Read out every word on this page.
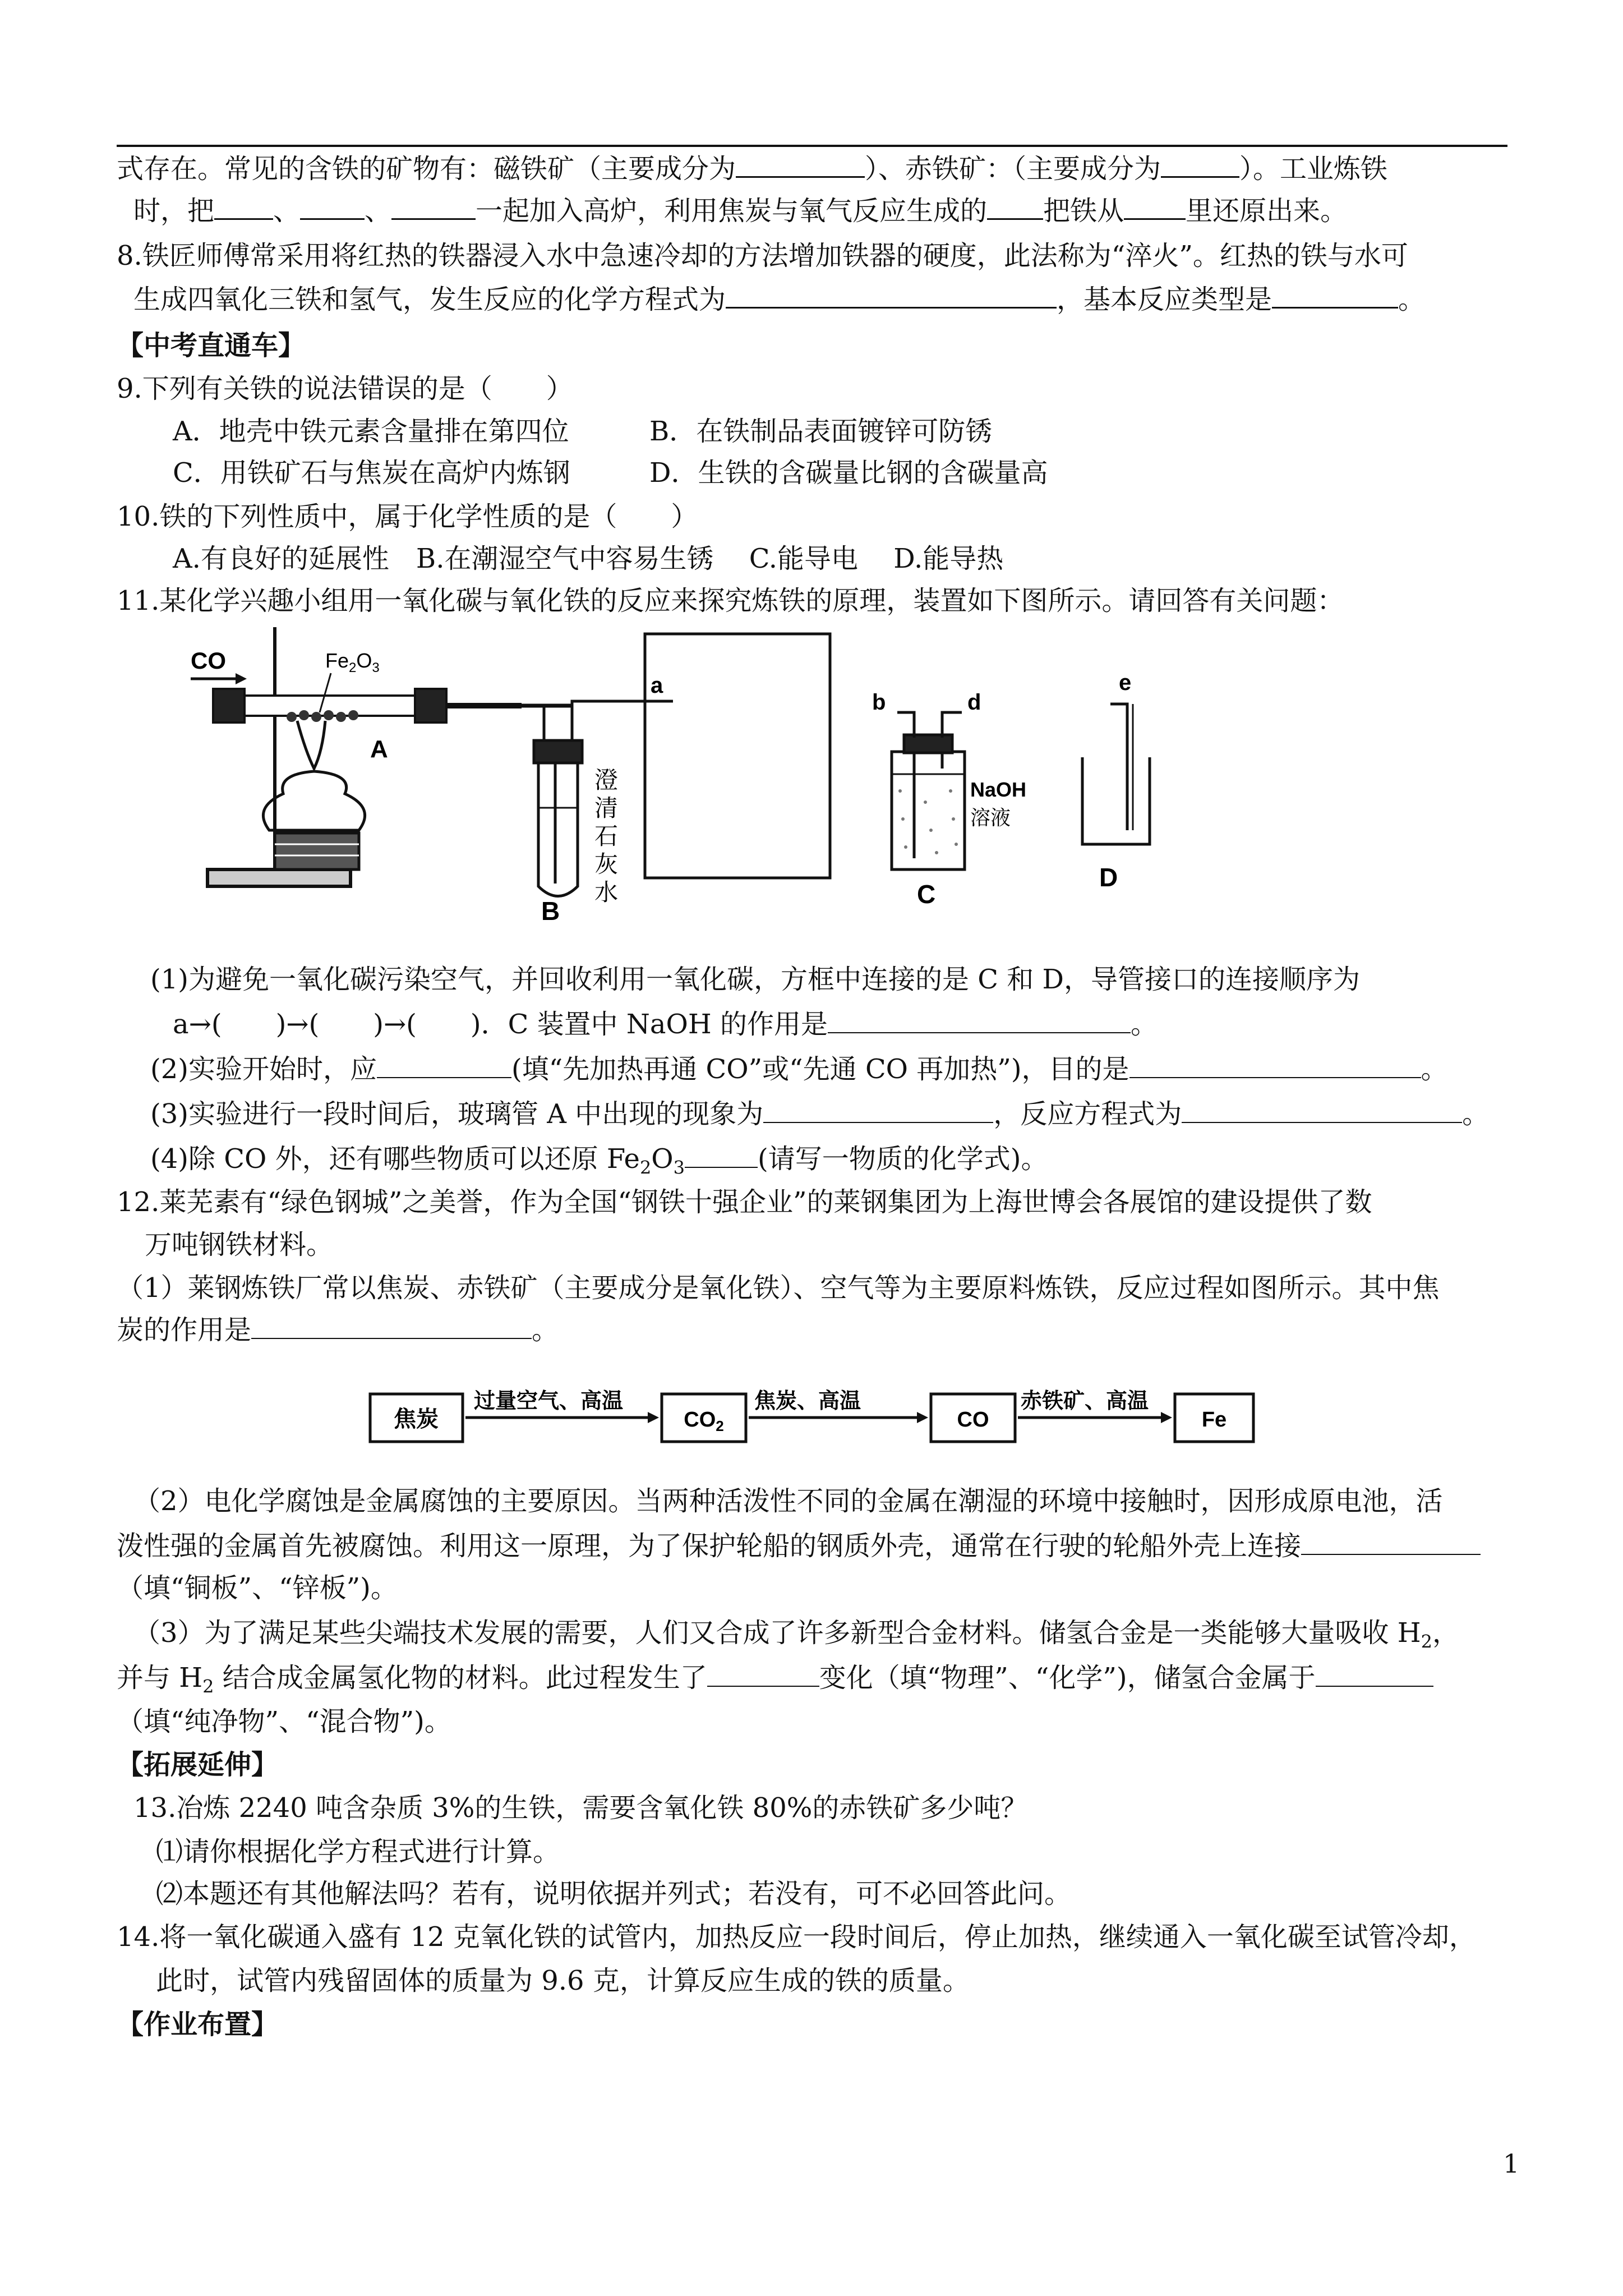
式存在。常见的含铁的矿物有：磁铁矿（主要成分为	）、赤铁矿：（主要成分为	）。工业炼铁
时，把 、 、	一起加入高炉，利用焦炭与氧气反应生成的 把铁从 里还原出来。
8.铁匠师傅常采用将红热的铁器浸入水中急速冷却的方法增加铁器的硬度，此法称为“淬火”。红热的铁与水可
生成四氧化三铁和氢气，发生反应的化学方程式为	，基本反应类型是	。
【中考直通车】
9.下列有关铁的说法错误的是（　　）
A．地壳中铁元素含量排在第四位	B．在铁制品表面镀锌可防锈
C．用铁矿石与焦炭在高炉内炼钢	D．生铁的含碳量比钢的含碳量高
10.铁的下列性质中，属于化学性质的是（　　）
A.有良好的延展性　B.在潮湿空气中容易生锈　 C.能导电　 D.能导热
11.某化学兴趣小组用一氧化碳与氧化铁的反应来探究炼铁的原理，装置如下图所示。请回答有关问题：
CO	$Fe_2O_3$
A
澄
清
石
灰
水
B
a
b	d
NaOH
溶液
C
e
D
(1)为避免一氧化碳污染空气，并回收利用一氧化碳，方框中连接的是 C 和 D，导管接口的连接顺序为
a→(　　)→(　　)→(　　)．C 装置中 NaOH 的作用是	。
(2)实验开始时，应	(填“先加热再通 CO”或“先通 CO 再加热”)，目的是	。
(3)实验进行一段时间后，玻璃管 A 中出现的现象为	，反应方程式为	。
(4)除 CO 外，还有哪些物质可以还原 $Fe_2O_3$	(请写一物质的化学式)。
12.莱芜素有“绿色钢城”之美誉，作为全国“钢铁十强企业”的莱钢集团为上海世博会各展馆的建设提供了数
万吨钢铁材料。
（1）莱钢炼铁厂常以焦炭、赤铁矿（主要成分是氧化铁）、空气等为主要原料炼铁，反应过程如图所示。其中焦
炭的作用是	。
焦炭
过量空气、高温
$CO_2$
焦炭、高温
CO
赤铁矿、高温
Fe
（2）电化学腐蚀是金属腐蚀的主要原因。当两种活泼性不同的金属在潮湿的环境中接触时，因形成原电池，活
泼性强的金属首先被腐蚀。利用这一原理，为了保护轮船的钢质外壳，通常在行驶的轮船外壳上连接
（填“铜板”、“锌板”)。
（3）为了满足某些尖端技术发展的需要，人们又合成了许多新型合金材料。储氢合金是一类能够大量吸收 $H_2$，
并与 $H_2$ 结合成金属氢化物的材料。此过程发生了	变化（填“物理”、“化学”)，储氢合金属于
（填“纯净物”、“混合物”)。
【拓展延伸】
13.冶炼 2240 吨含杂质 3%的生铁，需要含氧化铁 80%的赤铁矿多少吨？
⑴请你根据化学方程式进行计算。
⑵本题还有其他解法吗？若有，说明依据并列式；若没有，可不必回答此问。
14.将一氧化碳通入盛有 12 克氧化铁的试管内，加热反应一段时间后，停止加热，继续通入一氧化碳至试管冷却，
此时，试管内残留固体的质量为 9.6 克，计算反应生成的铁的质量。
【作业布置】
1
